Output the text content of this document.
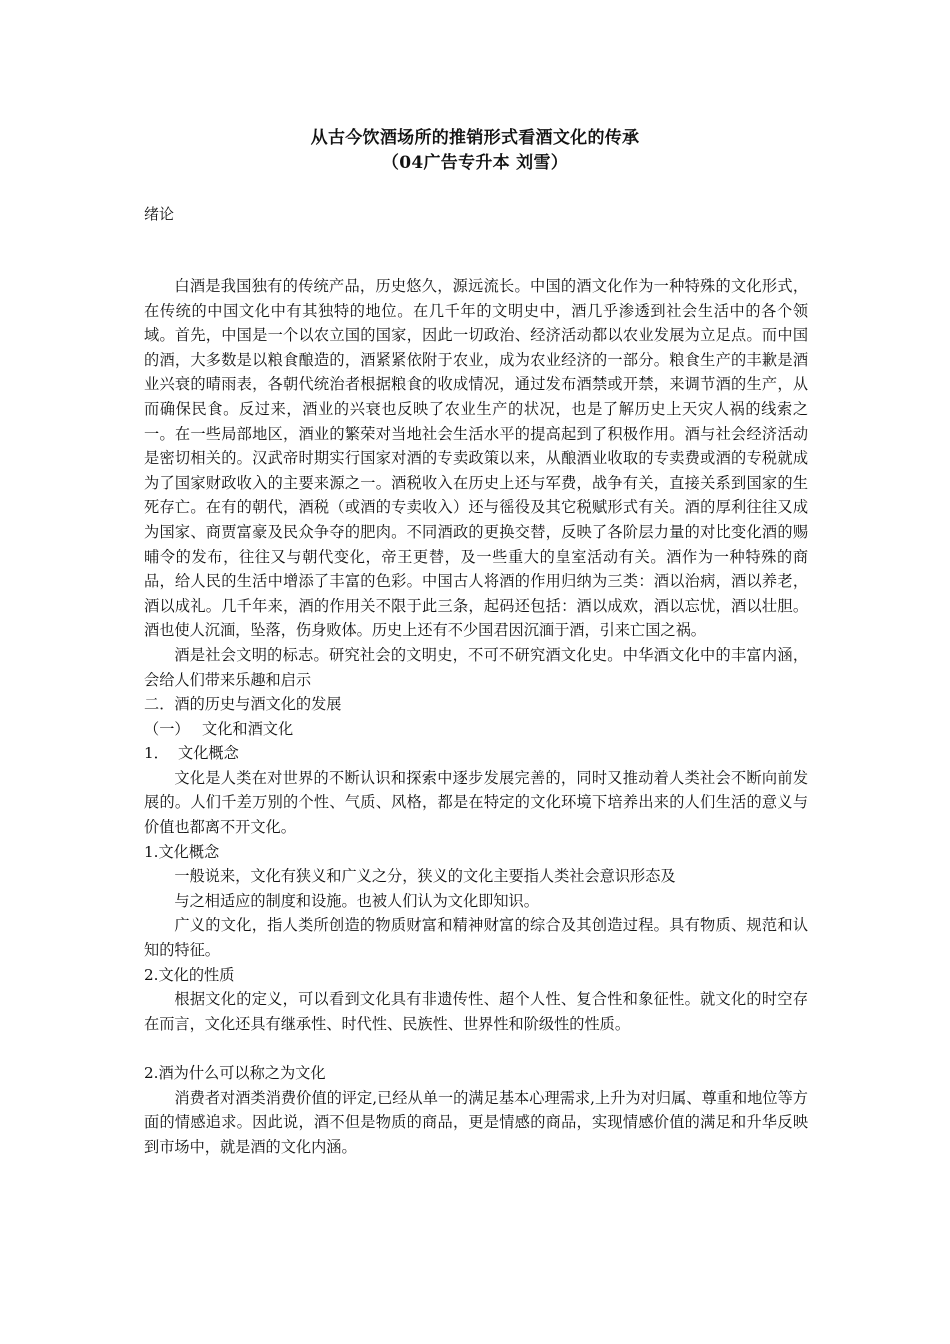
从古今饮酒场所的推销形式看酒文化的传承
（04广告专升本 刘雪）
绪论

白酒是我国独有的传统产品，历史悠久，源远流长。中国的酒文化作为一种特殊的文化形式，在传统的中国文化中有其独特的地位。在几千年的文明史中，酒几乎渗透到社会生活中的各个领域。首先，中国是一个以农立国的国家，因此一切政治、经济活动都以农业发展为立足点。而中国的酒，大多数是以粮食酿造的，酒紧紧依附于农业，成为农业经济的一部分。粮食生产的丰歉是酒业兴衰的晴雨表，各朝代统治者根据粮食的收成情况，通过发布酒禁或开禁，来调节酒的生产，从而确保民食。反过来，酒业的兴衰也反映了农业生产的状况，也是了解历史上天灾人祸的线索之一。在一些局部地区，酒业的繁荣对当地社会生活水平的提高起到了积极作用。酒与社会经济活动是密切相关的。汉武帝时期实行国家对酒的专卖政策以来，从酿酒业收取的专卖费或酒的专税就成为了国家财政收入的主要来源之一。酒税收入在历史上还与军费，战争有关，直接关系到国家的生死存亡。在有的朝代，酒税（或酒的专卖收入）还与徭役及其它税赋形式有关。酒的厚利往往又成为国家、商贾富豪及民众争夺的肥肉。不同酒政的更换交替，反映了各阶层力量的对比变化酒的赐晡令的发布，往往又与朝代变化，帝王更替，及一些重大的皇室活动有关。酒作为一种特殊的商品，给人民的生活中增添了丰富的色彩。中国古人将酒的作用归纳为三类：酒以治病，酒以养老，酒以成礼。几千年来，酒的作用关不限于此三条，起码还包括：酒以成欢，酒以忘忧，酒以壮胆。酒也使人沉湎，坠落，伤身败体。历史上还有不少国君因沉湎于酒，引来亡国之祸。

酒是社会文明的标志。研究社会的文明史，不可不研究酒文化史。中华酒文化中的丰富内涵，会给人们带来乐趣和启示

二．酒的历史与酒文化的发展

（一） 文化和酒文化

1． 文化概念

文化是人类在对世界的不断认识和探索中逐步发展完善的，同时又推动着人类社会不断向前发展的。人们千差万别的个性、气质、风格，都是在特定的文化环境下培养出来的人们生活的意义与价值也都离不开文化。

1.文化概念

一般说来，文化有狭义和广义之分，狭义的文化主要指人类社会意识形态及

与之相适应的制度和设施。也被人们认为文化即知识。

广义的文化，指人类所创造的物质财富和精神财富的综合及其创造过程。具有物质、规范和认知的特征。

2.文化的性质

根据文化的定义，可以看到文化具有非遗传性、超个人性、复合性和象征性。就文化的时空存在而言，文化还具有继承性、时代性、民族性、世界性和阶级性的性质。

2.酒为什么可以称之为文化

消费者对酒类消费价值的评定,已经从单一的满足基本心理需求,上升为对归属、尊重和地位等方面的情感追求。因此说，酒不但是物质的商品，更是情感的商品，实现情感价值的满足和升华反映到市场中，就是酒的文化内涵。
